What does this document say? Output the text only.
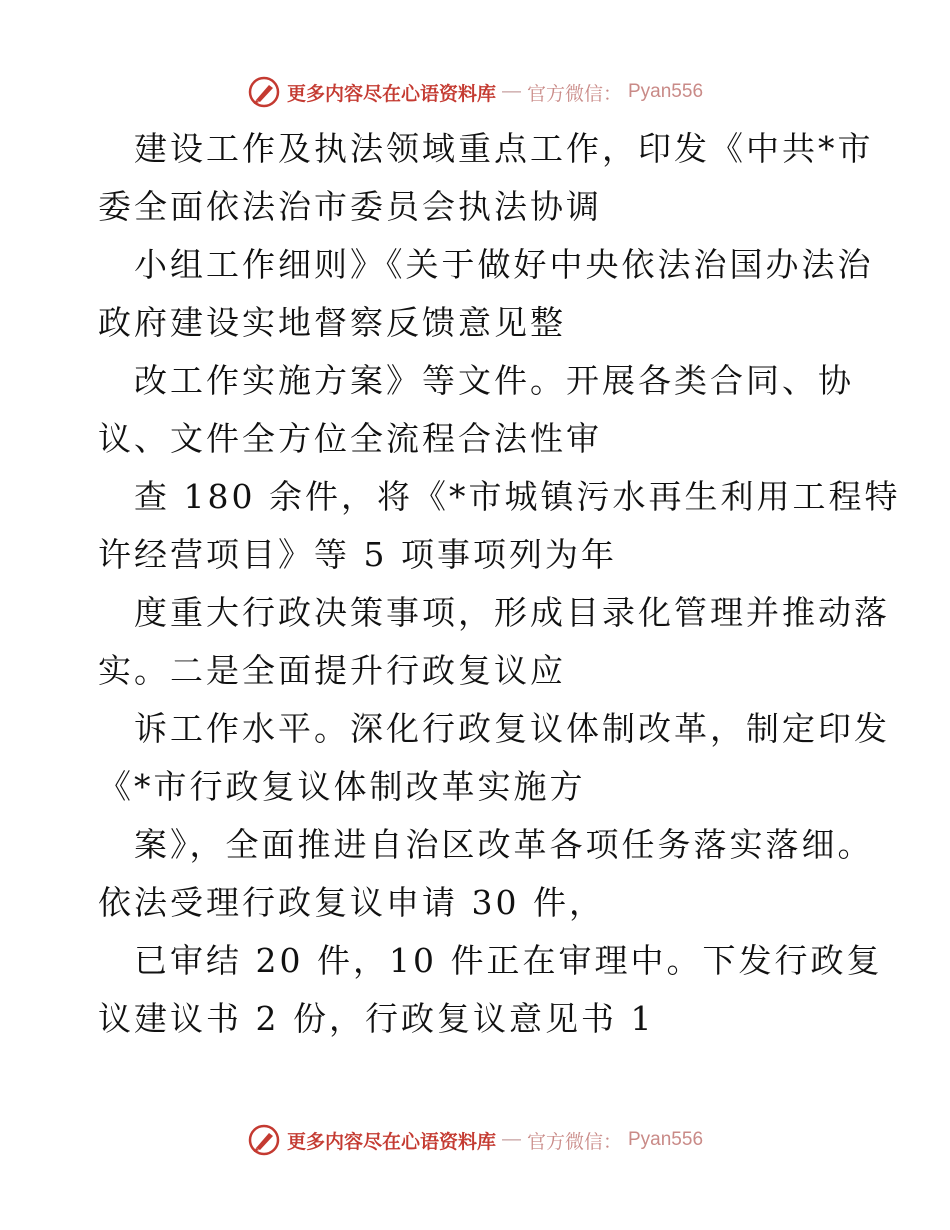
更多内容尽在心语资料库 — 官方微信： Pyan556
建设工作及执法领域重点工作，印发《中共*市
委全面依法治市委员会执法协调
小组工作细则》《关于做好中央依法治国办法治
政府建设实地督察反馈意见整
改工作实施方案》等文件。开展各类合同、协
议、文件全方位全流程合法性审
查 180 余件，将《*市城镇污水再生利用工程特
许经营项目》等 5 项事项列为年
度重大行政决策事项，形成目录化管理并推动落
实。二是全面提升行政复议应
诉工作水平。深化行政复议体制改革，制定印发
《*市行政复议体制改革实施方
案》，全面推进自治区改革各项任务落实落细。
依法受理行政复议申请 30 件，
已审结 20 件，10 件正在审理中。下发行政复
议建议书 2 份，行政复议意见书 1
更多内容尽在心语资料库 — 官方微信： Pyan556
